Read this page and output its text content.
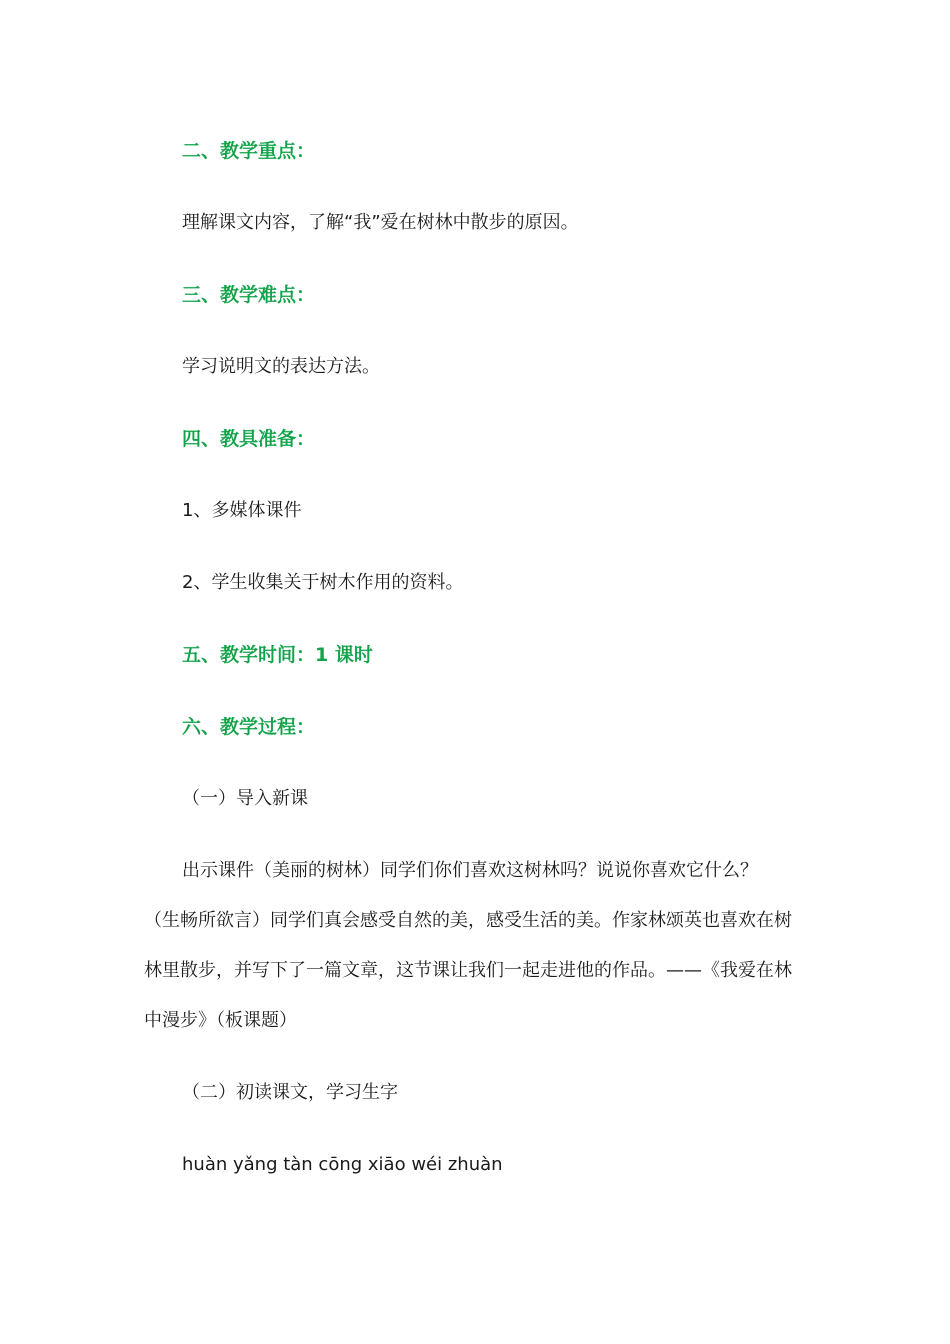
二、教学重点：
理解课文内容，了解“我”爱在树林中散步的原因。
三、教学难点：
学习说明文的表达方法。
四、教具准备：
1、多媒体课件
2、学生收集关于树木作用的资料。
五、教学时间：1 课时
六、教学过程：
（一）导入新课
出示课件（美丽的树林）同学们你们喜欢这树林吗？说说你喜欢它什么？
（生畅所欲言）同学们真会感受自然的美，感受生活的美。作家林颂英也喜欢在树
林里散步，并写下了一篇文章，这节课让我们一起走进他的作品。——《我爱在林
中漫步》（板课题）
（二）初读课文，学习生字
huàn yǎng tàn cōng xiāo wéi zhuàn
